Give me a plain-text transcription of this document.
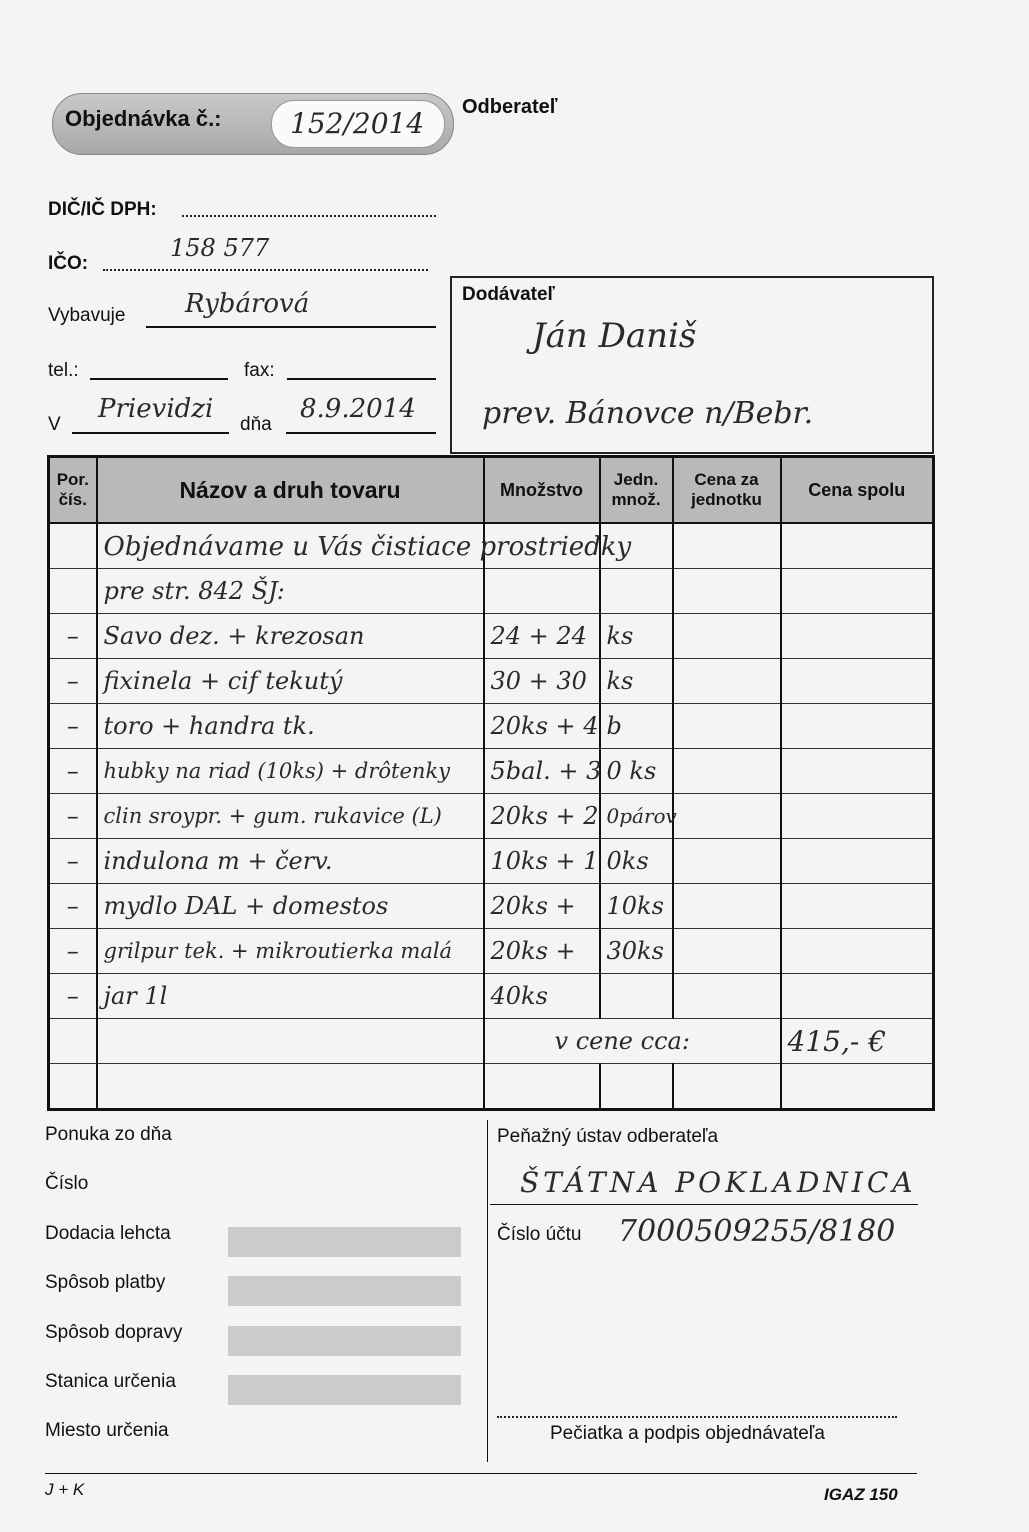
Objednávka č.: 152/2014 Odberateľ
DIČ/IČ DPH:
IČO:
158 577
Vybavuje Rybárová
tel.:	fax:
V
Prievidzi
dňa
8.9.2014
Dodávateľ
Ján Daniš
prev. Bánovce n/Bebr.
Por. čís.	Názov a druh tovaru	Množstvo	Jedn. množ.	Cena za jednotku	Cena spolu

	Objednávame u Vás čistiace prostriedky				

	pre str. 842 ŠJ:				
–	Savo dez. + krezosan	24 + 24	ks		
–	fixinela + cif tekutý	30 + 30	ks		
–	toro + handra tk.	20ks + 4	b		
–	hubky na riad (10ks) + drôtenky	5bal. + 3	0 ks		
–	clin sroypr. + gum. rukavice (L)	20ks + 2	0párov		
–	indulona m + červ.	10ks + 1	0ks		
–	mydlo DAL + domestos	20ks +	10ks		
–	grilpur tek. + mikroutierka malá	20ks +	30ks		
–	jar 1l	40ks			
		v cene cca:			415,- €

Ponuka zo dňa
Číslo
Dodacia lehcta
Spôsob platby
Spôsob dopravy
Stanica určenia
Miesto určenia
Peňažný ústav odberateľa
ŠTÁTNA POKLADNICA
Číslo účtu 7000509255/8180
Pečiatka a podpis objednávateľa
J + K	IGAZ 150
